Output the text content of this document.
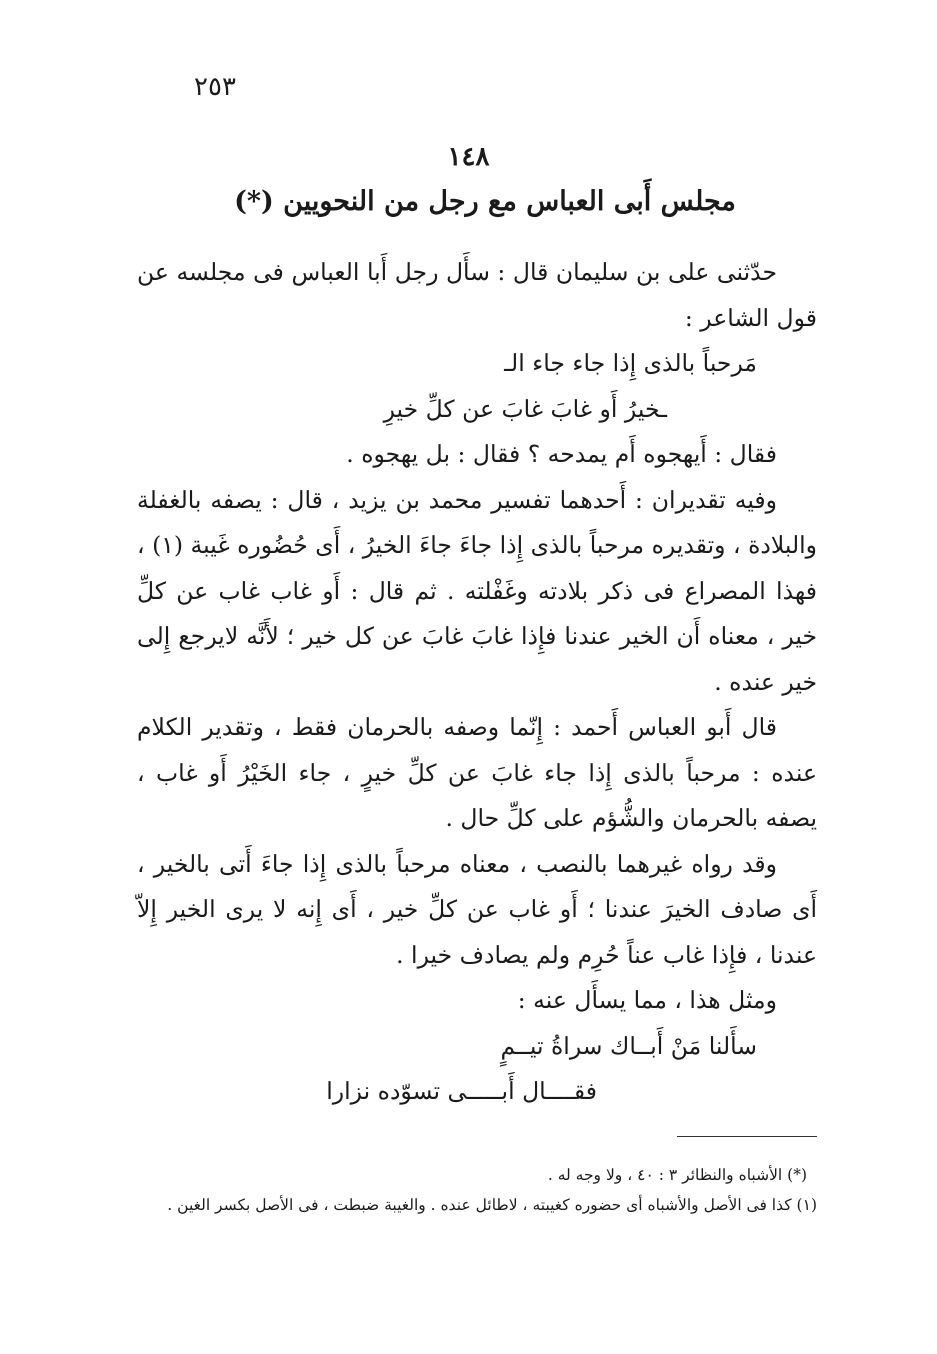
٢٥٣
١٤٨
مجلس أَبى العباس مع رجل من النحويين (*)

حدّثنى على بن سليمان قال : سأَل رجل أَبا العباس فى مجلسه عن قول الشاعر :

مَرحباً بالذى إِذا جاء جاء الـ

ـخيرُ أَو غابَ غابَ عن كلِّ خيرِ

فقال : أَيهجوه أَم يمدحه ؟ فقال : بل يهجوه .

وفيه تقديران : أَحدهما تفسير محمد بن يزيد ، قال : يصفه بالغفلة والبلادة ، وتقديره مرحباً بالذى إِذا جاءَ جاءَ الخيرُ ، أَى حُضُوره غَيبة (١) ، فهذا المصراع فى ذكر بلادته وغَفْلته . ثم قال : أَو غاب غاب عن كلِّ خير ، معناه أَن الخير عندنا فإِذا غابَ غابَ عن كل خير ؛ لأَنَّه لايرجع إِلى خير عنده .

قال أَبو العباس أَحمد : إِنّما وصفه بالحرمان فقط ، وتقدير الكلام عنده : مرحباً بالذى إِذا جاء غابَ عن كلِّ خيرٍ ، جاء الخَيْرُ أَو غاب ، يصفه بالحرمان والشُّؤم على كلِّ حال .

وقد رواه غيرهما بالنصب ، معناه مرحباً بالذى إِذا جاءَ أَتى بالخير ، أَى صادف الخيرَ عندنا ؛ أَو غاب عن كلِّ خير ، أَى إِنه لا يرى الخير إِلاّ عندنا ، فإِذا غاب عناً حُرِم ولم يصادف خيرا .

ومثل هذا ، مما يسأَل عنه :

سأَلنا مَنْ أَبــاك سراةُ تيــمٍ

فقــــال أَبـــــى تسوّده نزارا

(*) الأشباه والنظائر ٣ : ٤٠ ، ولا وجه له .

(١) كذا فى الأصل والأشباه أى حضوره كغيبته ، لاطائل عنده . والغيبة ضبطت ، فى الأصل بكسر الغين .
